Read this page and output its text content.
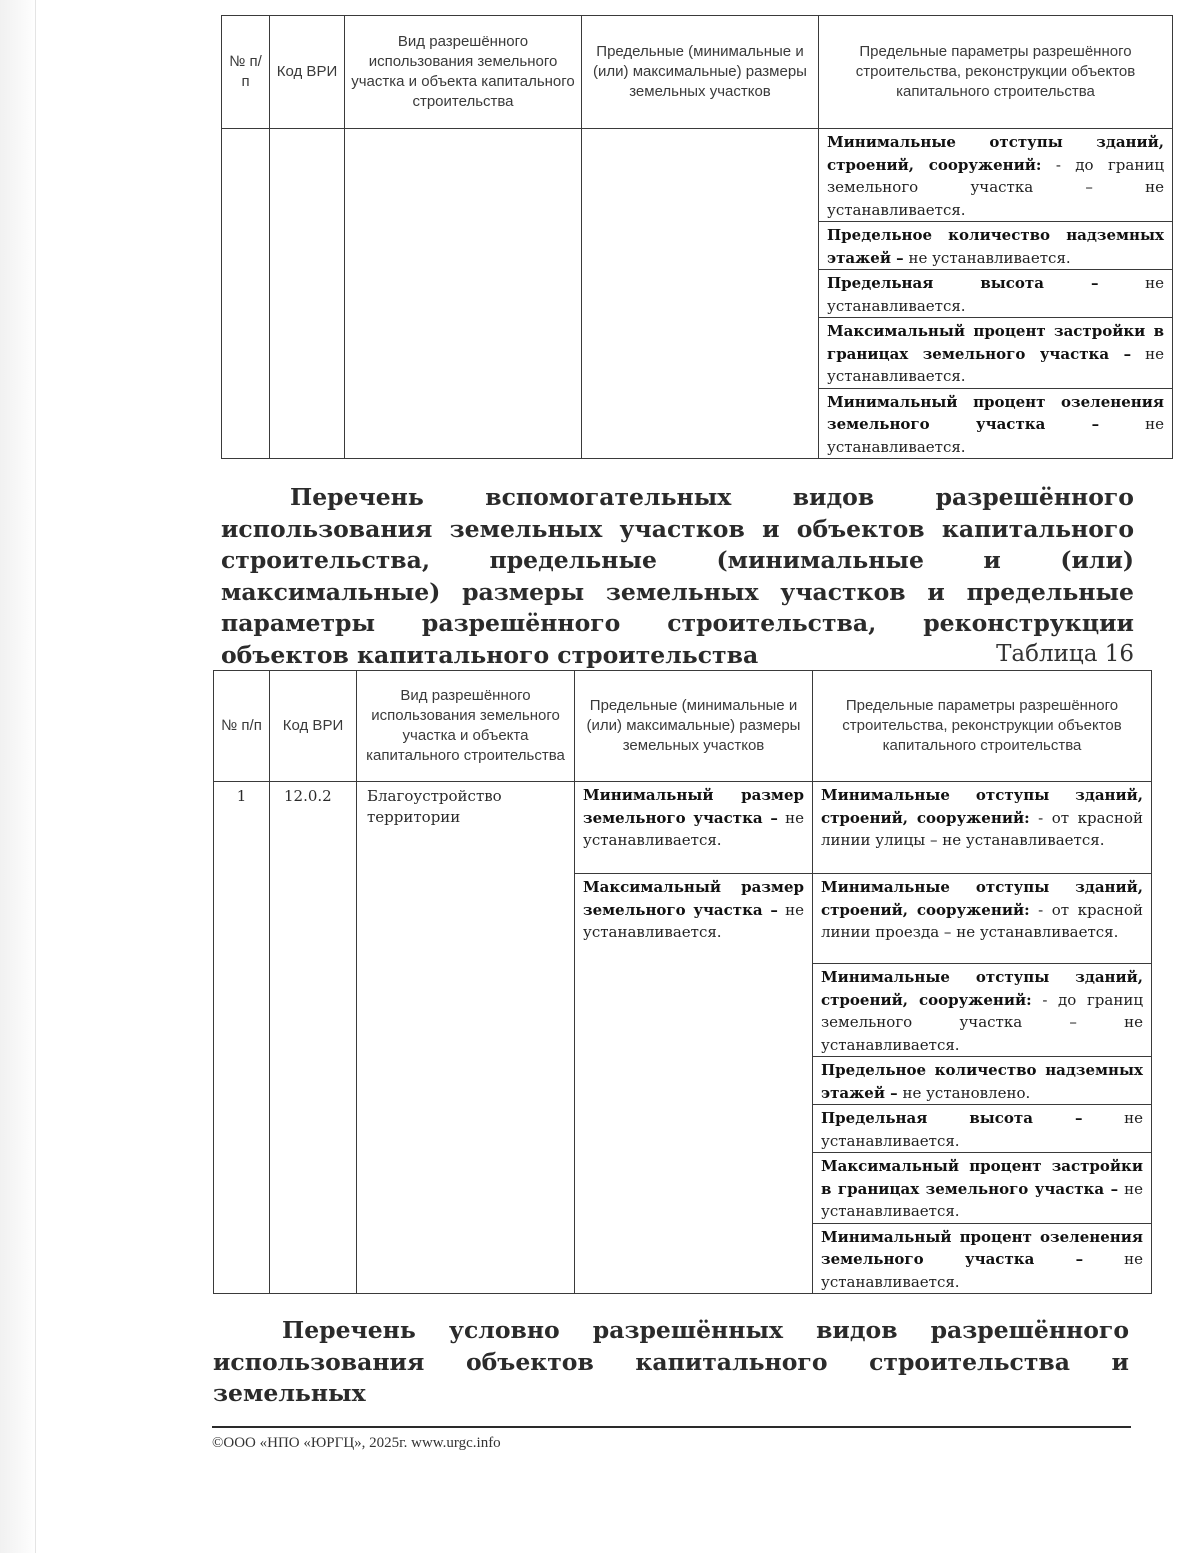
№ п/п	Код ВРИ	Вид разрешённого использования земельного участка и объекта капитального строительства	Предельные (минимальные и (или) максимальные) размеры земельных участков	Предельные параметры разрешённого строительства, реконструкции объектов капитального строительства
				Минимальные отступы зданий, строений, сооружений: - до границ земельного участка – не устанавливается.
				Предельное количество надземных этажей – не устанавливается.
				Предельная высота – не устанавливается.
				Максимальный процент застройки в границах земельного участка – не устанавливается.
				Минимальный процент озеленения земельного участка – не устанавливается.

Перечень вспомогательных видов разрешённого использования земельных участков и объектов капитального строительства, предельные (минимальные и (или) максимальные) размеры земельных участков и предельные параметры разрешённого строительства, реконструкции объектов капитального строительства	Таблица 16
№ п/п	Код ВРИ	Вид разрешённого использования земельного участка и объекта капитального строительства	Предельные (минимальные и (или) максимальные) размеры земельных участков	Предельные параметры разрешённого строительства, реконструкции объектов капитального строительства
1	12.0.2	Благоустройство территории	Минимальный размер земельного участка – не устанавливается.	Минимальные отступы зданий, строений, сооружений: - от красной линии улицы – не устанавливается.
			Максимальный размер земельного участка – не устанавливается.	Минимальные отступы зданий, строений, сооружений: - от красной линии проезда – не устанавливается.
				Минимальные отступы зданий, строений, сооружений: - до границ земельного участка – не устанавливается.
				Предельное количество надземных этажей – не установлено.
				Предельная высота – не устанавливается.
				Максимальный процент застройки в границах земельного участка – не устанавливается.
				Минимальный процент озеленения земельного участка – не устанавливается.

Перечень условно разрешённых видов разрешённого использования объектов капитального строительства и земельных

©ООО «НПО «ЮРГЦ», 2025г. www.urgc.info
